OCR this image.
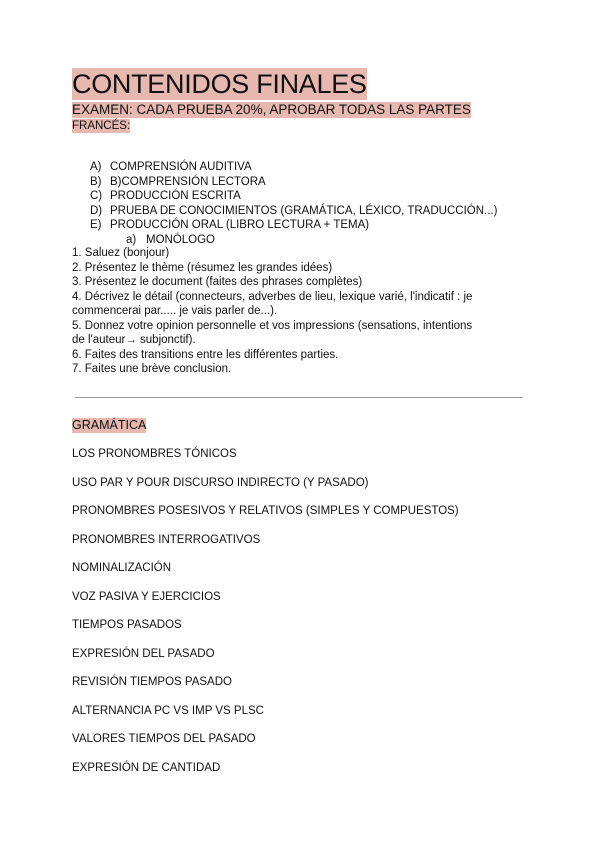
CONTENIDOS FINALES
EXAMEN: CADA PRUEBA 20%, APROBAR TODAS LAS PARTES
FRANCÉS:
A) COMPRENSIÓN AUDITIVA
B) B)COMPRENSIÓN LECTORA
C) PRODUCCIÓN ESCRITA
D) PRUEBA DE CONOCIMIENTOS (GRAMÁTICA, LÉXICO, TRADUCCIÓN...)
E) PRODUCCIÓN ORAL (LIBRO LECTURA + TEMA)
a) MONÓLOGO
1. Saluez (bonjour)
2. Présentez le thème (résumez les grandes idées)
3. Présentez le document (faites des phrases complètes)
4. Décrivez le détail (connecteurs, adverbes de lieu, lexique varié, l'indicatif : je
commencerai par..... je vais parler de...).
5. Donnez votre opinion personnelle et vos impressions (sensations, intentions
de l'auteur→ subjonctif).
6. Faites des transitions entre les différentes parties.
7. Faites une brève conclusion.
GRAMÁTICA
LOS PRONOMBRES TÓNICOS
USO PAR Y POUR DISCURSO INDIRECTO (Y PASADO)
PRONOMBRES POSESIVOS Y RELATIVOS (SIMPLES Y COMPUESTOS)
PRONOMBRES INTERROGATIVOS
NOMINALIZACIÓN
VOZ PASIVA Y EJERCICIOS
TIEMPOS PASADOS
EXPRESIÓN DEL PASADO
REVISIÓN TIEMPOS PASADO
ALTERNANCIA PC VS IMP VS PLSC
VALORES TIEMPOS DEL PASADO
EXPRESIÓN DE CANTIDAD
